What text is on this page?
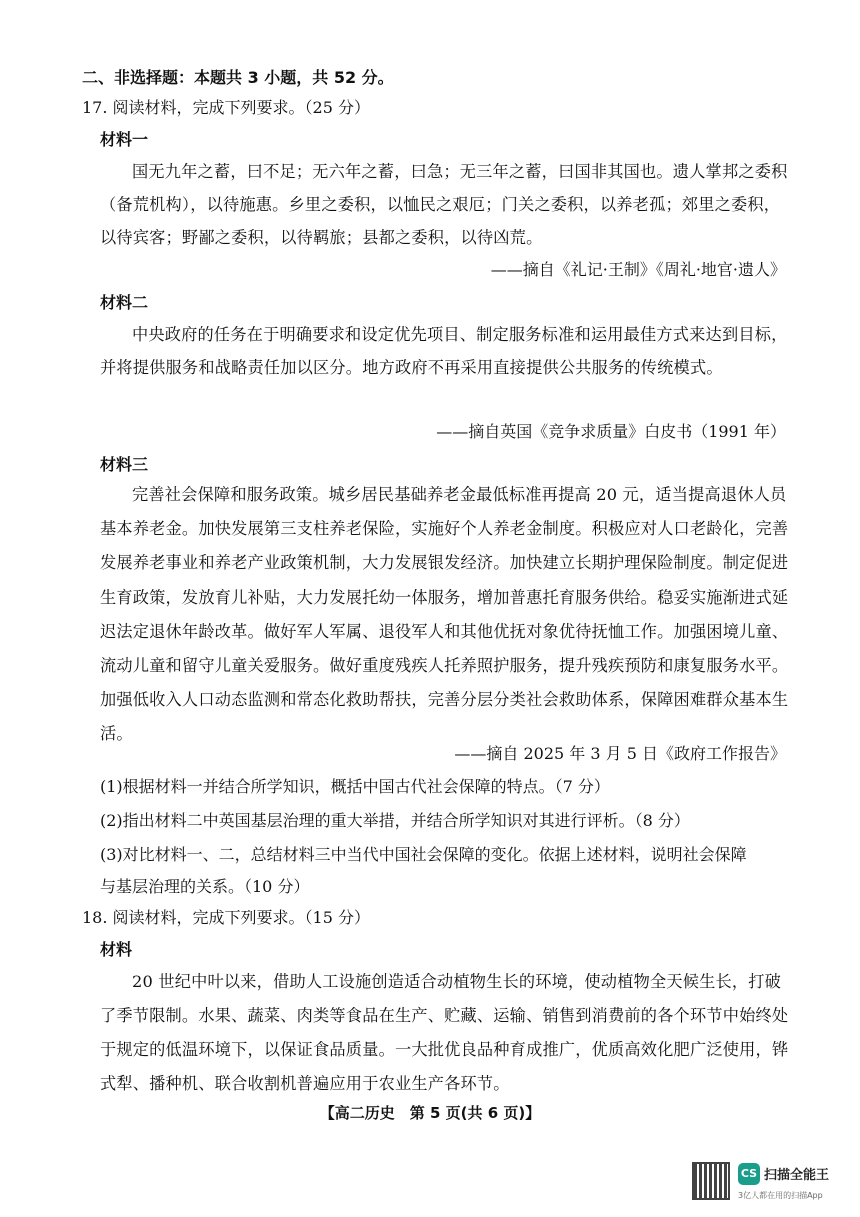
二、非选择题：本题共 3 小题，共 52 分。
17. 阅读材料，完成下列要求。（25 分）
材料一
国无九年之蓄，曰不足；无六年之蓄，曰急；无三年之蓄，曰国非其国也。遗人掌邦之委积（备荒机构），以待施惠。乡里之委积，以恤民之艰厄；门关之委积，以养老孤；郊里之委积，以待宾客；野鄙之委积，以待羁旅；县都之委积，以待凶荒。
——摘自《礼记·王制》《周礼·地官·遗人》
材料二
中央政府的任务在于明确要求和设定优先项目、制定服务标准和运用最佳方式来达到目标，并将提供服务和战略责任加以区分。地方政府不再采用直接提供公共服务的传统模式。
——摘自英国《竞争求质量》白皮书（1991 年）
材料三
完善社会保障和服务政策。城乡居民基础养老金最低标准再提高 20 元，适当提高退休人员基本养老金。加快发展第三支柱养老保险，实施好个人养老金制度。积极应对人口老龄化，完善发展养老事业和养老产业政策机制，大力发展银发经济。加快建立长期护理保险制度。制定促进生育政策，发放育儿补贴，大力发展托幼一体服务，增加普惠托育服务供给。稳妥实施渐进式延迟法定退休年龄改革。做好军人军属、退役军人和其他优抚对象优待抚恤工作。加强困境儿童、流动儿童和留守儿童关爱服务。做好重度残疾人托养照护服务，提升残疾预防和康复服务水平。加强低收入人口动态监测和常态化救助帮扶，完善分层分类社会救助体系，保障困难群众基本生活。
——摘自 2025 年 3 月 5 日《政府工作报告》
(1)根据材料一并结合所学知识，概括中国古代社会保障的特点。（7 分）
(2)指出材料二中英国基层治理的重大举措，并结合所学知识对其进行评析。（8 分）
(3)对比材料一、二，总结材料三中当代中国社会保障的变化。依据上述材料，说明社会保障
与基层治理的关系。（10 分）
18. 阅读材料，完成下列要求。（15 分）
材料
20 世纪中叶以来，借助人工设施创造适合动植物生长的环境，使动植物全天候生长，打破了季节限制。水果、蔬菜、肉类等食品在生产、贮藏、运输、销售到消费前的各个环节中始终处于规定的低温环境下，以保证食品质量。一大批优良品种育成推广，优质高效化肥广泛使用，铧式犁、播种机、联合收割机普遍应用于农业生产各环节。
【高二历史　第 5 页(共 6 页)】
CS 扫描全能王
3亿人都在用的扫描App
